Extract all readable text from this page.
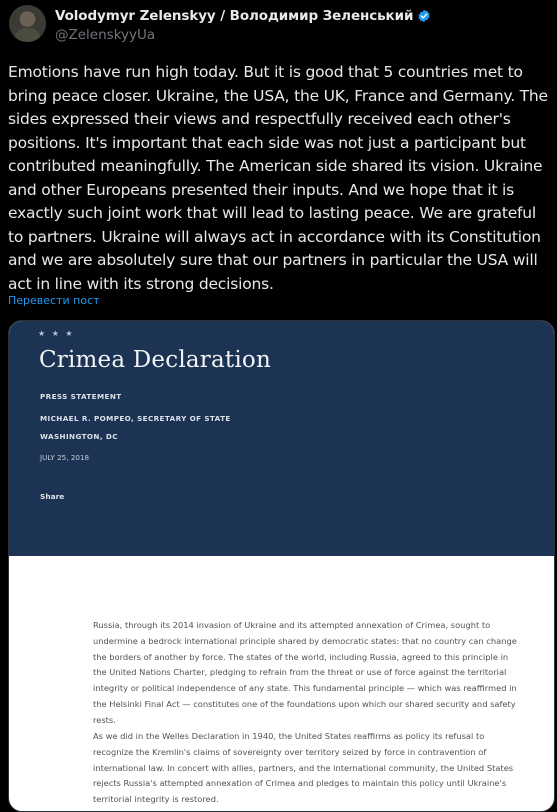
Volodymyr Zelenskyy / Володимир Зеленський
@ZelenskyyUa
Emotions have run high today. But it is good that 5 countries met to bring peace closer. Ukraine, the USA, the UK, France and Germany. The sides expressed their views and respectfully received each other's positions. It's important that each side was not just a participant but contributed meaningfully. The American side shared its vision. Ukraine and other Europeans presented their inputs. And we hope that it is exactly such joint work that will lead to lasting peace. We are grateful to partners. Ukraine will always act in accordance with its Constitution and we are absolutely sure that our partners in particular the USA will act in line with its strong decisions.
Перевести пост
★ ★ ★
Crimea Declaration
PRESS STATEMENT
MICHAEL R. POMPEO, SECRETARY OF STATE
WASHINGTON, DC
JULY 25, 2018
Share
Russia, through its 2014 invasion of Ukraine and its attempted annexation of Crimea, sought to undermine a bedrock international principle shared by democratic states: that no country can change the borders of another by force. The states of the world, including Russia, agreed to this principle in the United Nations Charter, pledging to refrain from the threat or use of force against the territorial integrity or political independence of any state. This fundamental principle — which was reaffirmed in the Helsinki Final Act — constitutes one of the foundations upon which our shared security and safety rests.
As we did in the Welles Declaration in 1940, the United States reaffirms as policy its refusal to recognize the Kremlin's claims of sovereignty over territory seized by force in contravention of international law. In concert with allies, partners, and the international community, the United States rejects Russia's attempted annexation of Crimea and pledges to maintain this policy until Ukraine's territorial integrity is restored.
